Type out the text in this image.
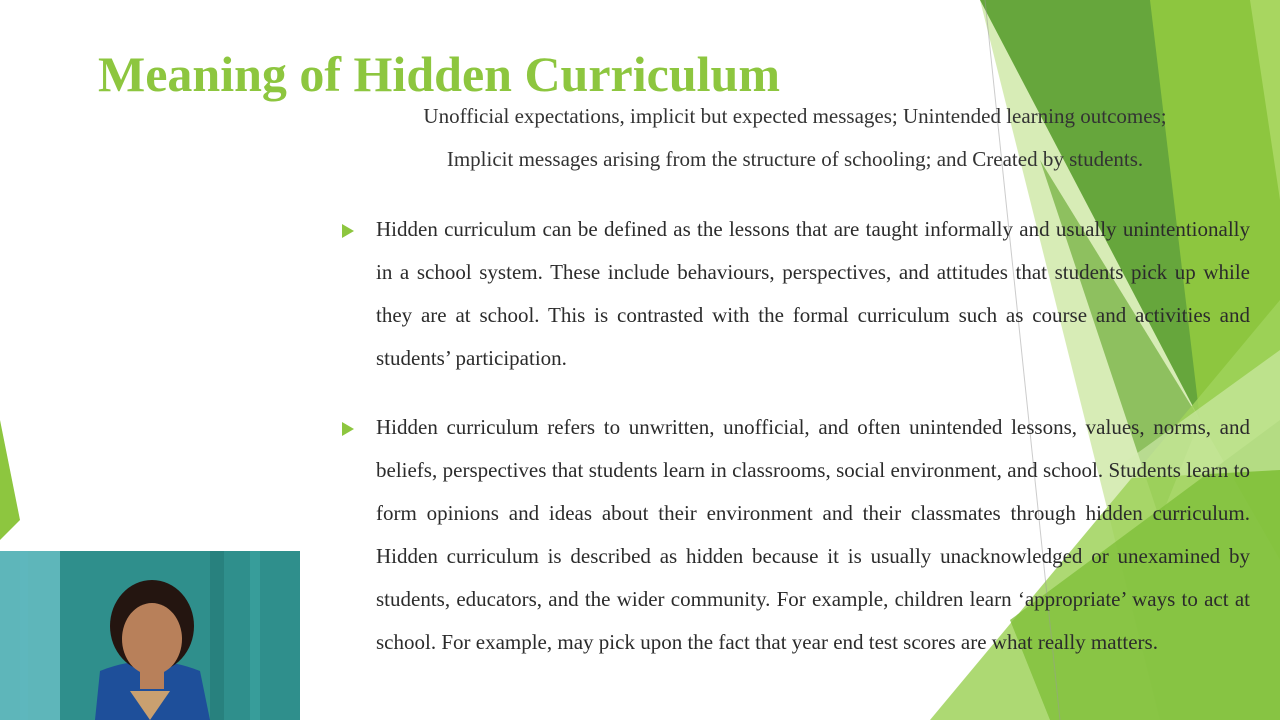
Meaning of Hidden Curriculum

Unofficial expectations, implicit but expected messages; Unintended learning outcomes;

Implicit messages arising from the structure of schooling; and Created by students.

Hidden curriculum can be defined as the lessons that are taught informally and usually unintentionally in a school system. These include behaviours, perspectives, and attitudes that students pick up while they are at school. This is contrasted with the formal curriculum such as course and activities and students’ participation.
Hidden curriculum refers to unwritten, unofficial, and often unintended lessons, values, norms, and beliefs, perspectives that students learn in classrooms, social environment, and school. Students learn to form opinions and ideas about their environment and their classmates through hidden curriculum. Hidden curriculum is described as hidden because it is usually unacknowledged or unexamined by students, educators, and the wider community. For example, children learn ‘appropriate’ ways to act at school. For example, may pick upon the fact that year end test scores are what really matters.
